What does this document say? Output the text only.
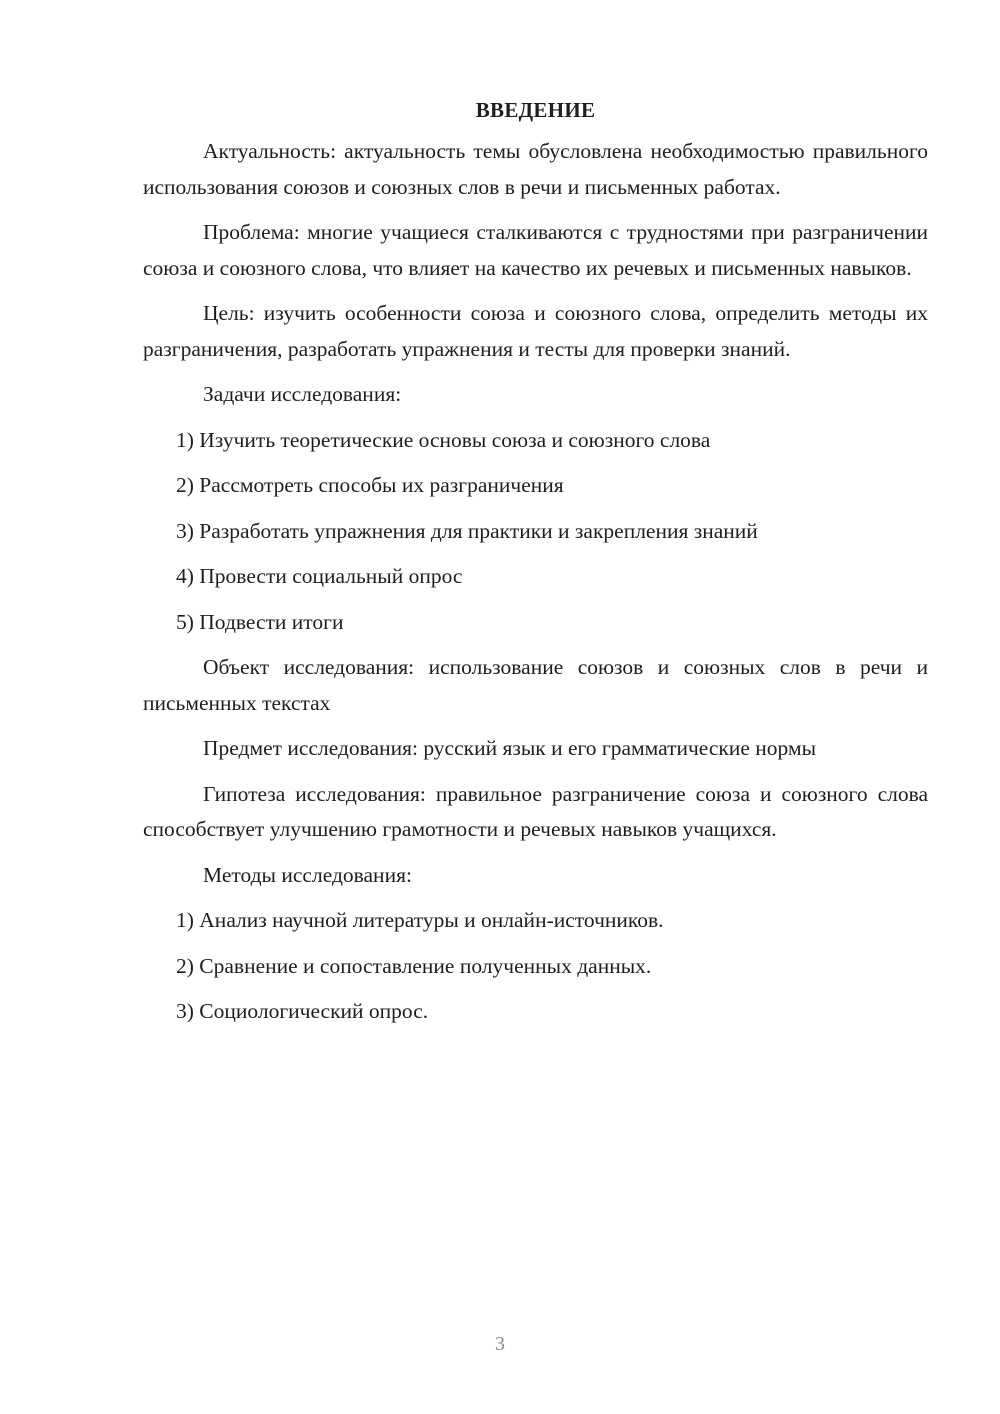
ВВЕДЕНИЕ

Актуальность: актуальность темы обусловлена необходимостью правильного использования союзов и союзных слов в речи и письменных работах.

Проблема: многие учащиеся сталкиваются с трудностями при разграничении союза и союзного слова, что влияет на качество их речевых и письменных навыков.

Цель: изучить особенности союза и союзного слова, определить методы их разграничения, разработать упражнения и тесты для проверки знаний.

Задачи исследования:

1) Изучить теоретические основы союза и союзного слова

2) Рассмотреть способы их разграничения

3) Разработать упражнения для практики и закрепления знаний

4) Провести социальный опрос

5) Подвести итоги

Объект исследования: использование союзов и союзных слов в речи и письменных текстах

Предмет исследования: русский язык и его грамматические нормы

Гипотеза исследования: правильное разграничение союза и союзного слова способствует улучшению грамотности и речевых навыков учащихся.

Методы исследования:

1) Анализ научной литературы и онлайн-источников.

2) Сравнение и сопоставление полученных данных.

3) Социологический опрос.

3
